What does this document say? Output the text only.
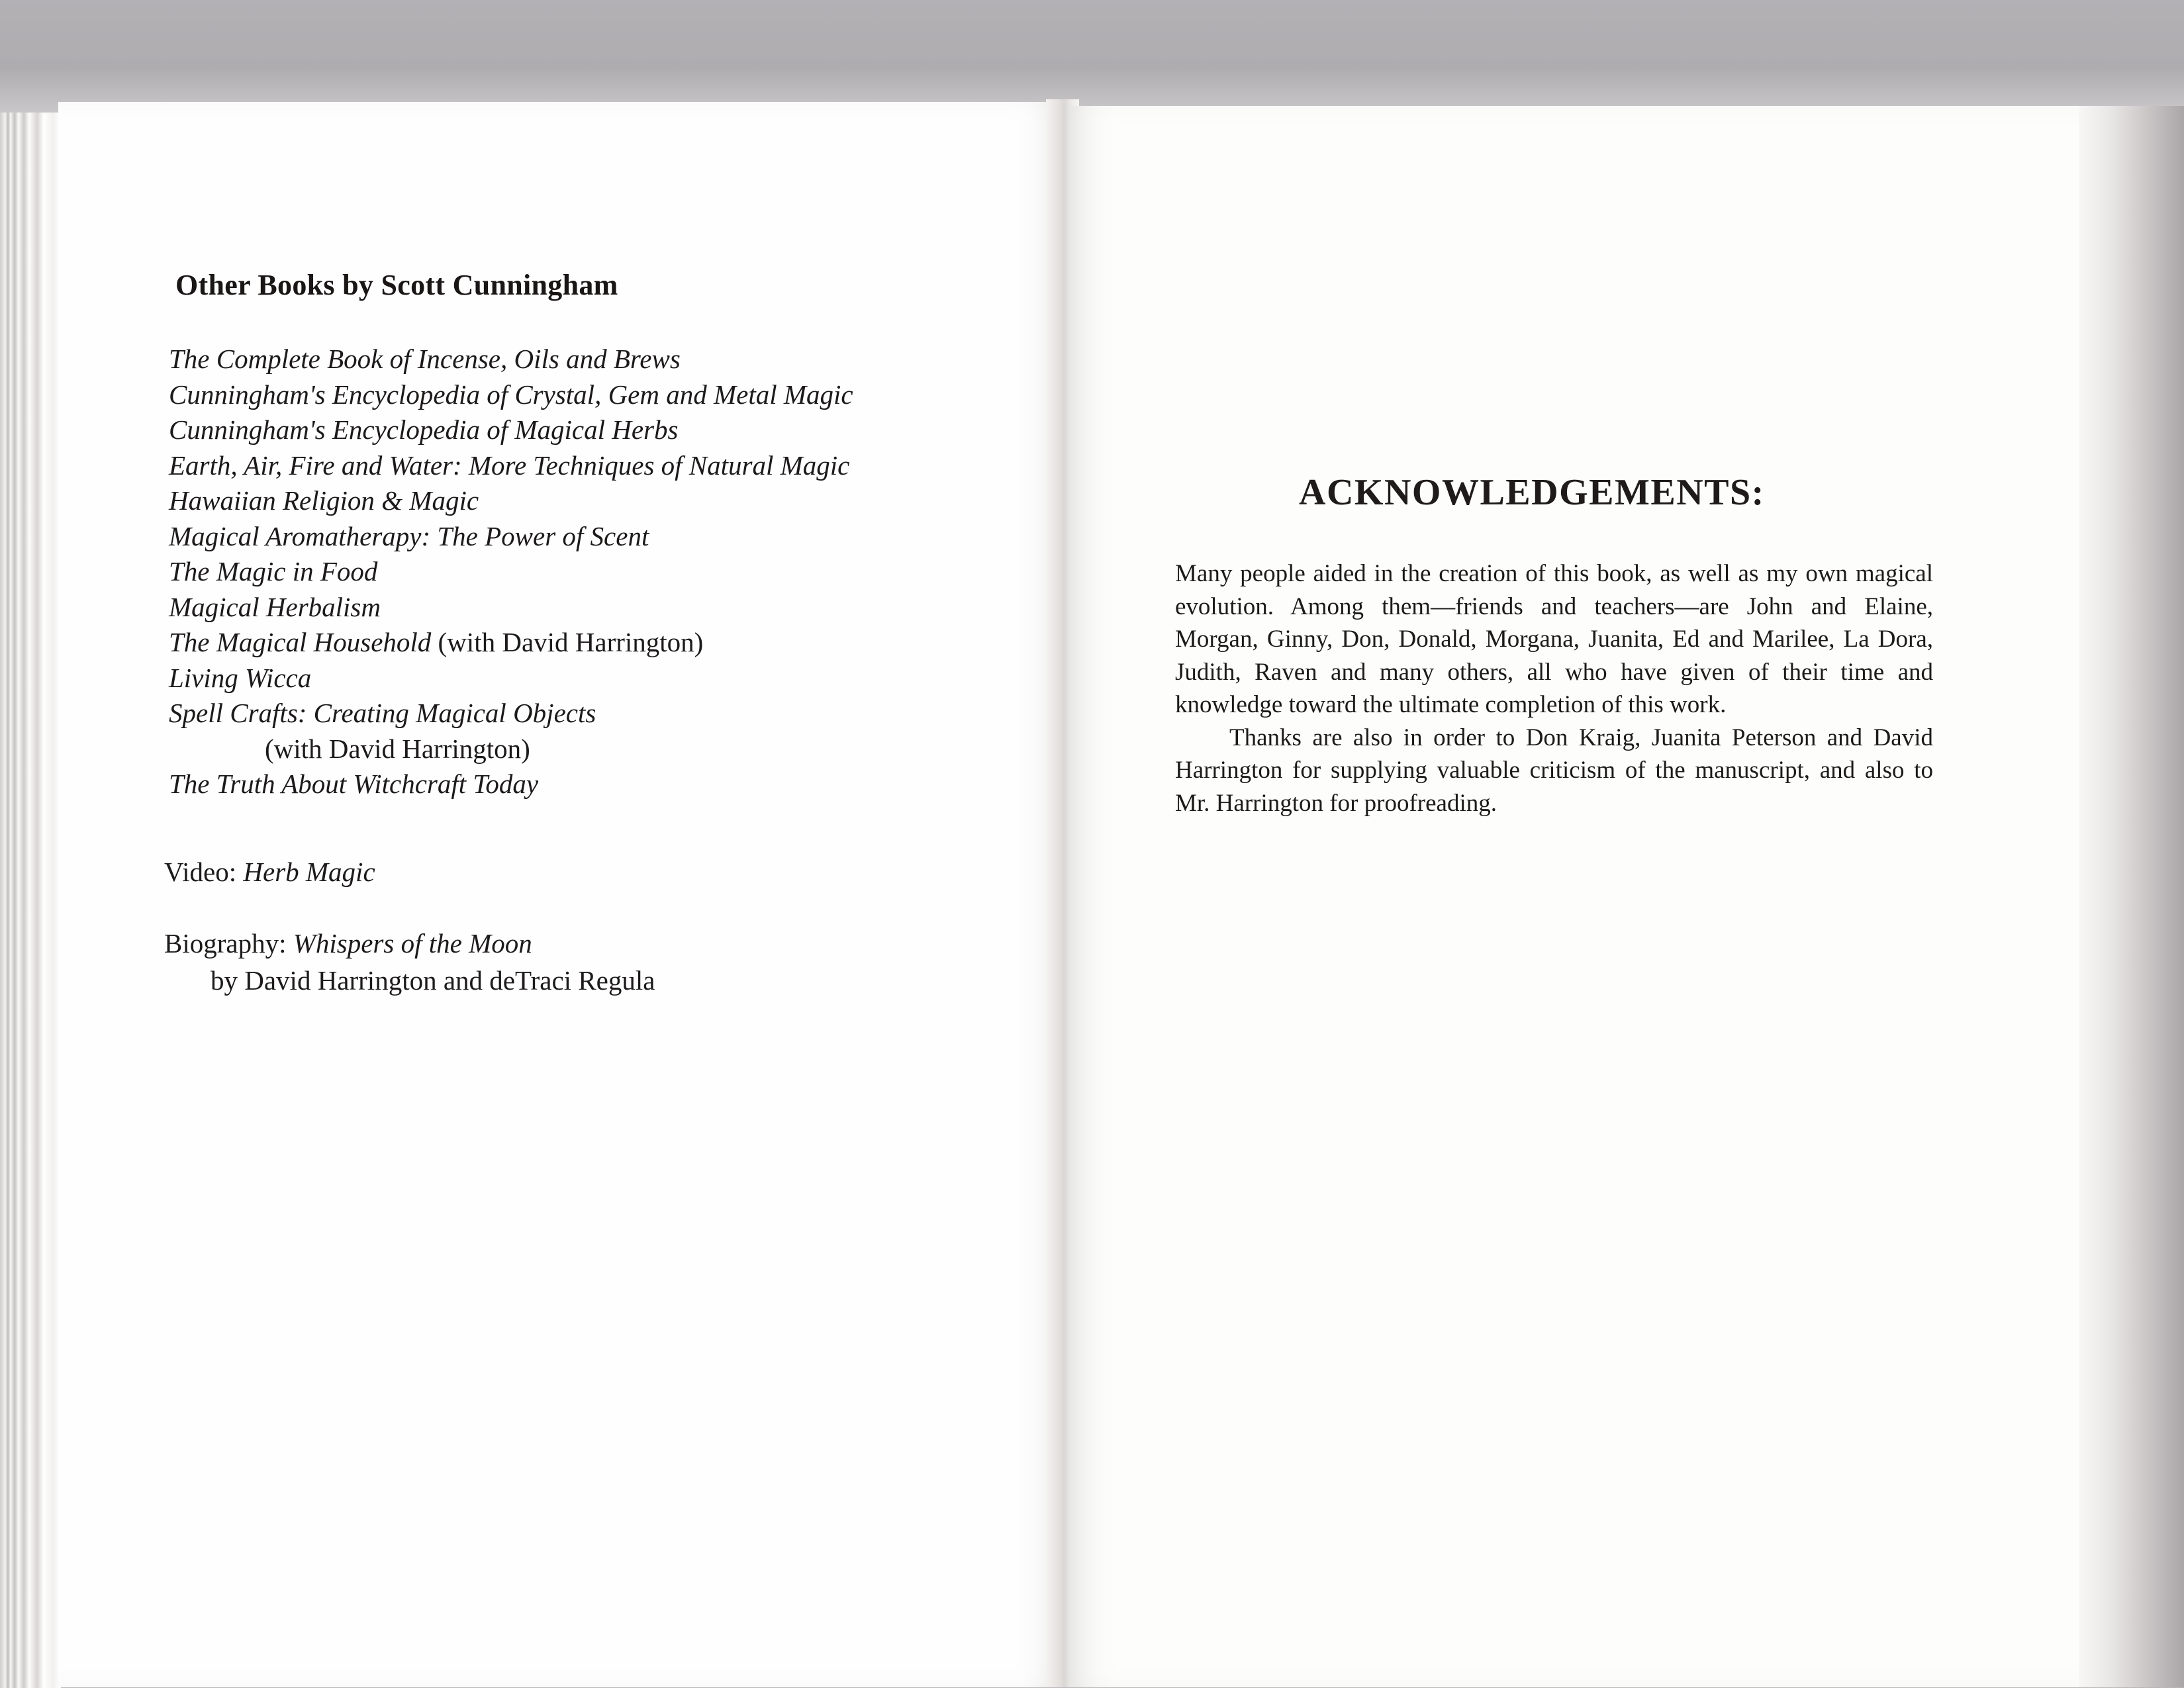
Other Books by Scott Cunningham
The Complete Book of Incense, Oils and Brews
Cunningham's Encyclopedia of Crystal, Gem and Metal Magic
Cunningham's Encyclopedia of Magical Herbs
Earth, Air, Fire and Water: More Techniques of Natural Magic
Hawaiian Religion & Magic
Magical Aromatherapy: The Power of Scent
The Magic in Food
Magical Herbalism
The Magical Household (with David Harrington)
Living Wicca
Spell Crafts: Creating Magical Objects
(with David Harrington)
The Truth About Witchcraft Today
Video: Herb Magic
Biography: Whispers of the Moon
by David Harrington and deTraci Regula
ACKNOWLEDGEMENTS:

Many people aided in the creation of this book, as well as my own magical evolution. Among them—friends and teachers—are John and Elaine, Morgan, Ginny, Don, Donald, Morgana, Juanita, Ed and Marilee, La Dora, Judith, Raven and many others, all who have given of their time and knowledge toward the ultimate completion of this work.

Thanks are also in order to Don Kraig, Juanita Peterson and David Harrington for supplying valuable criticism of the manuscript, and also to Mr. Harrington for proofreading.
